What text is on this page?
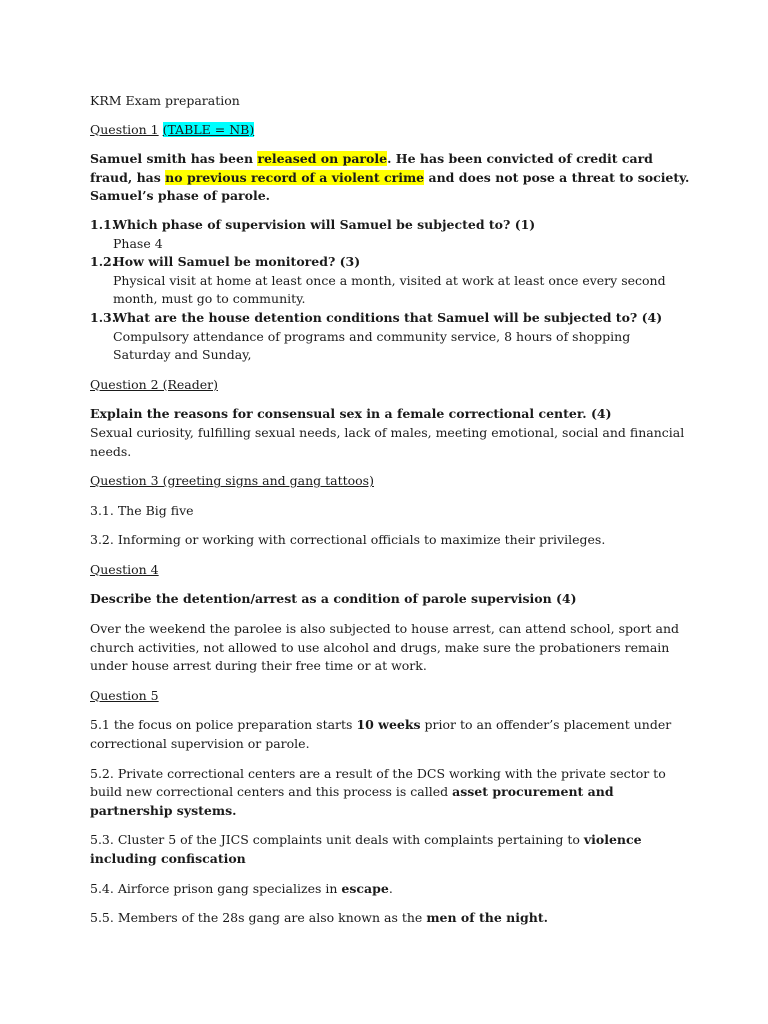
KRM Exam preparation

Question 1 (TABLE = NB)

Samuel smith has been released on parole. He has been convicted of credit card fraud, has no previous record of a violent crime and does not pose a threat to society. Samuel’s phase of parole.

1.1.

Which phase of supervision will Samuel be subjected to? (1)

Phase 4

1.2.

How will Samuel be monitored? (3)

Physical visit at home at least once a month, visited at work at least once every second month, must go to community.

1.3.

What are the house detention conditions that Samuel will be subjected to? (4)

Compulsory attendance of programs and community service, 8 hours of shopping Saturday and Sunday,

Question 2 (Reader)

Explain the reasons for consensual sex in a female correctional center. (4)

Sexual curiosity, fulfilling sexual needs, lack of males, meeting emotional, social and financial needs.

Question 3 (greeting signs and gang tattoos)

3.1. The Big five

3.2. Informing or working with correctional officials to maximize their privileges.

Question 4

Describe the detention/arrest as a condition of parole supervision (4)

Over the weekend the parolee is also subjected to house arrest, can attend school, sport and church activities, not allowed to use alcohol and drugs, make sure the probationers remain under house arrest during their free time or at work.

Question 5

5.1 the focus on police preparation starts 10 weeks prior to an offender’s placement under correctional supervision or parole.

5.2. Private correctional centers are a result of the DCS working with the private sector to build new correctional centers and this process is called asset procurement and partnership systems.

5.3. Cluster 5 of the JICS complaints unit deals with complaints pertaining to violence including confiscation

5.4. Airforce prison gang specializes in escape.

5.5. Members of the 28s gang are also known as the men of the night.
